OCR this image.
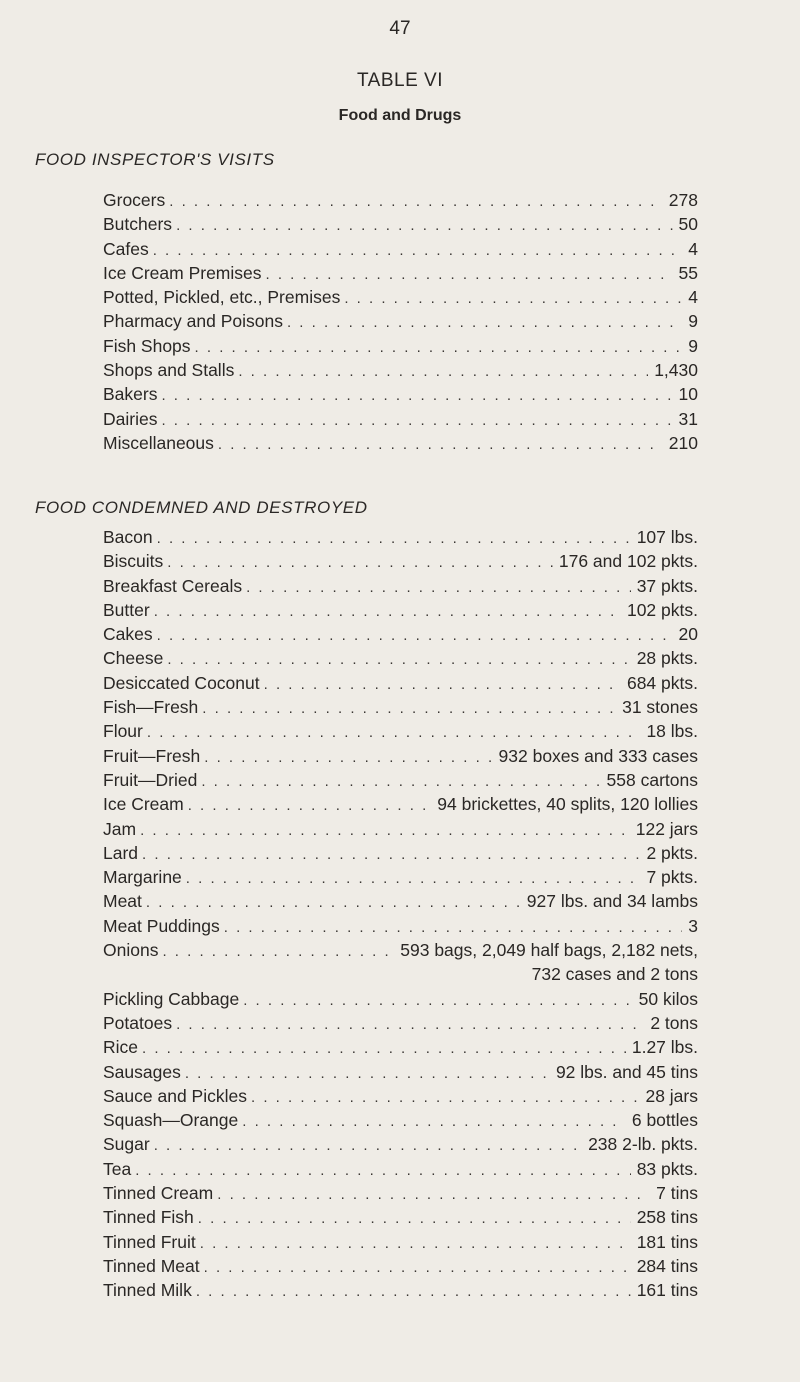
47
TABLE VI
Food and Drugs
FOOD INSPECTOR'S VISITS
Grocers . . .	278
Butchers . . .	50
Cafes . . .	4
Ice Cream Premises . . .	55
Potted, Pickled, etc., Premises . . .	4
Pharmacy and Poisons . . .	9
Fish Shops . . .	9
Shops and Stalls . . .	1,430
Bakers . . .	10
Dairies . . .	31
Miscellaneous . . .	210
FOOD CONDEMNED AND DESTROYED
Bacon . . .	107 lbs.
Biscuits . . .	176 and 102 pkts.
Breakfast Cereals . . .	37 pkts.
Butter . . .	102 pkts.
Cakes . . .	20
Cheese . . .	28 pkts.
Desiccated Coconut . . .	684 pkts.
Fish—Fresh . . .	31 stones
Flour . . .	18 lbs.
Fruit—Fresh . . .	932 boxes and 333 cases
Fruit—Dried . . .	558 cartons
Ice Cream . . .	94 brickettes, 40 splits, 120 lollies
Jam . . .	122 jars
Lard . . .	2 pkts.
Margarine . . .	7 pkts.
Meat . . .	927 lbs. and 34 lambs
Meat Puddings . . .	3
Onions . . .	593 bags, 2,049 half bags, 2,182 nets,
732 cases and 2 tons
Pickling Cabbage . . .	50 kilos
Potatoes . . .	2 tons
Rice . . .	1.27 lbs.
Sausages . . .	92 lbs. and 45 tins
Sauce and Pickles . . .	28 jars
Squash—Orange . . .	6 bottles
Sugar . . .	238 2-lb. pkts.
Tea . . .	83 pkts.
Tinned Cream . . .	7 tins
Tinned Fish . . .	258 tins
Tinned Fruit . . .	181 tins
Tinned Meat . . .	284 tins
Tinned Milk . . .	161 tins
